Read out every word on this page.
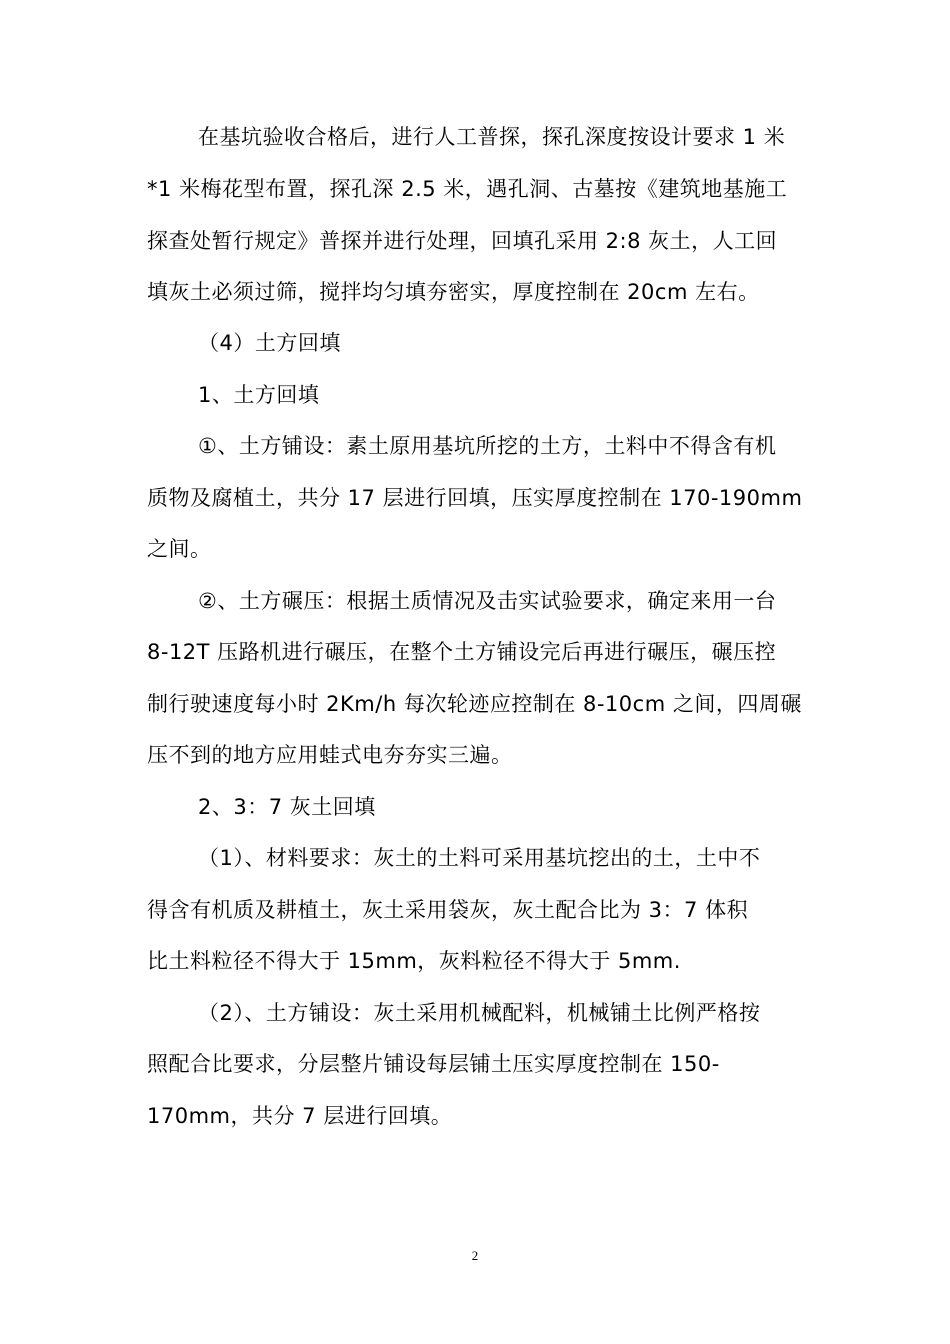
在基坑验收合格后，进行人工普探，探孔深度按设计要求 1 米

*1 米梅花型布置，探孔深 2.5 米，遇孔洞、古墓按《建筑地基施工

探查处暂行规定》普探并进行处理，回填孔采用 2:8 灰土，人工回

填灰土必须过筛，搅拌均匀填夯密实，厚度控制在 20cm 左右。

（4）土方回填

1、土方回填

①、土方铺设：素土原用基坑所挖的土方，土料中不得含有机

质物及腐植土，共分 17 层进行回填，压实厚度控制在 170-190mm

之间。

②、土方碾压：根据土质情况及击实试验要求，确定来用一台

8-12T 压路机进行碾压，在整个土方铺设完后再进行碾压，碾压控

制行驶速度每小时 2Km/h 每次轮迹应控制在 8-10cm 之间，四周碾

压不到的地方应用蛙式电夯夯实三遍。

2、3：7 灰土回填

（1）、材料要求：灰土的土料可采用基坑挖出的土，土中不

得含有机质及耕植土，灰土采用袋灰，灰土配合比为 3：7 体积

比土料粒径不得大于 15mm，灰料粒径不得大于 5mm.

（2）、土方铺设：灰土采用机械配料，机械铺土比例严格按

照配合比要求，分层整片铺设每层铺土压实厚度控制在 150-

170mm，共分 7 层进行回填。

2
